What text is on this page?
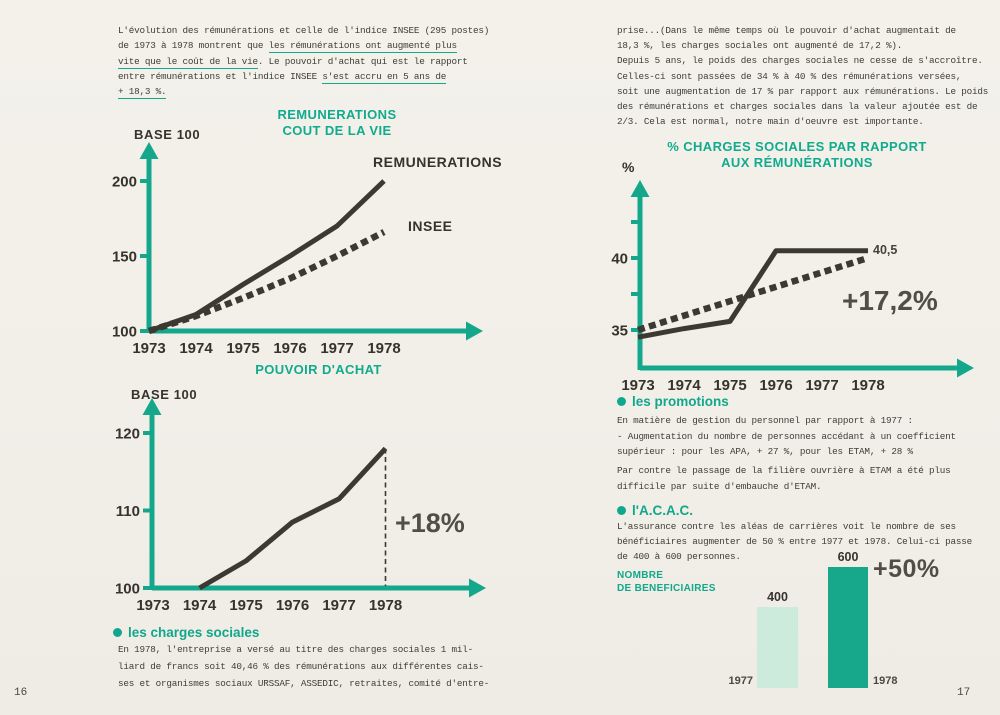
L'évolution des rémunérations et celle de l'indice INSEE (295 postes)
de 1973 à 1978 montrent que les rémunérations ont augmenté plus
vite que le coût de la vie. Le pouvoir d'achat qui est le rapport
entre rémunérations et l'indice INSEE s'est accru en 5 ans de
+ 18,3 %.
REMUNERATIONS
COUT DE LA VIE
BASE 100
100
150
200
1973 1974 1975 1976 1977 1978
REMUNERATIONS
INSEE
POUVOIR D'ACHAT
BASE 100
100
110
120
1973 1974 1975 1976 1977 1978
+18%
les charges sociales
En 1978, l'entreprise a versé au titre des charges sociales 1 mil-
liard de francs soit 40,46 % des rémunérations aux différentes cais-
ses et organismes sociaux URSSAF, ASSEDIC, retraites, comité d'entre-
16
prise...(Dans le même temps où le pouvoir d'achat augmentait de
18,3 %, les charges sociales ont augmenté de 17,2 %).
Depuis 5 ans, le poids des charges sociales ne cesse de s'accroître.
Celles-ci sont passées de 34 % à 40 % des rémunérations versées,
soit une augmentation de 17 % par rapport aux rémunérations. Le poids
des rémunérations et charges sociales dans la valeur ajoutée est de
2/3. Cela est normal, notre main d'oeuvre est importante.
% CHARGES SOCIALES PAR RAPPORT
AUX RÉMUNÉRATIONS
35
40
1973 1974 1975 1976 1977 1978
%
40,5
+17,2%
les promotions
En matière de gestion du personnel par rapport à 1977 :
- Augmentation du nombre de personnes accédant à un coefficient
supérieur : pour les APA, + 27 %, pour les ETAM, + 28 %
Par contre le passage de la filière ouvrière à ETAM a été plus
difficile par suite d'embauche d'ETAM.
l'A.C.A.C.
L'assurance contre les aléas de carrières voit le nombre de ses
bénéficiaires augmenter de 50 % entre 1977 et 1978. Celui-ci passe
de 400 à 600 personnes.
NOMBRE
DE BENEFICIAIRES
400
1977
600
1978
+50%
17
